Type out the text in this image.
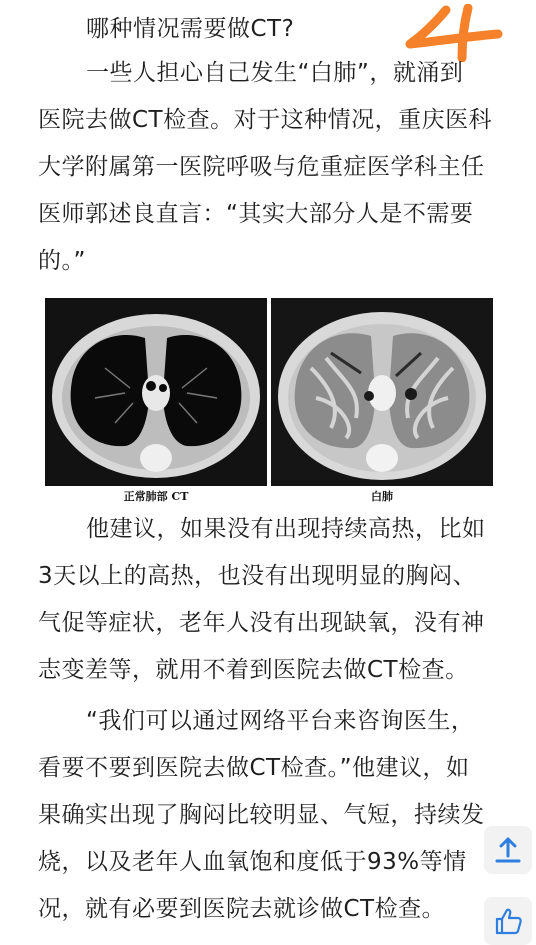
哪种情况需要做CT?
一些人担心自己发生“白肺”，就涌到
医院去做CT检查。对于这种情况，重庆医科
大学附属第一医院呼吸与危重症医学科主任
医师郭述良直言：“其实大部分人是不需要
的。”
正常肺部 CT	白肺
他建议，如果没有出现持续高热，比如
3天以上的高热，也没有出现明显的胸闷、
气促等症状，老年人没有出现缺氧，没有神
志变差等，就用不着到医院去做CT检查。
“我们可以通过网络平台来咨询医生，
看要不要到医院去做CT检查。”他建议，如
果确实出现了胸闷比较明显、气短，持续发
烧，以及老年人血氧饱和度低于93%等情
况，就有必要到医院去就诊做CT检查。
